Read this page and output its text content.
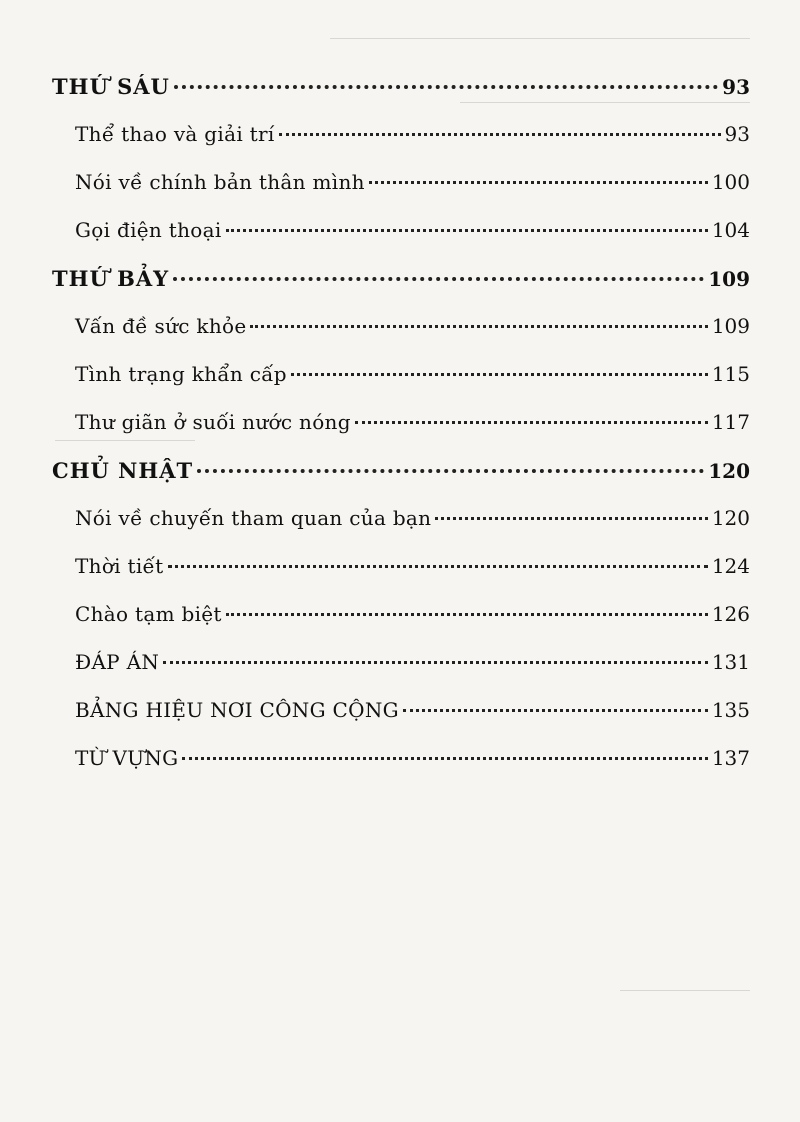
THỨ SÁU	93
Thể thao và giải trí	93
Nói về chính bản thân mình	100
Gọi điện thoại	104
THỨ BẢY	109
Vấn đề sức khỏe	109
Tình trạng khẩn cấp	115
Thư giãn ở suối nước nóng	117
CHỦ NHẬT	120
Nói về chuyến tham quan của bạn	120
Thời tiết	124
Chào tạm biệt	126
ĐÁP ÁN	131
BẢNG HIỆU NƠI CÔNG CỘNG	135
TỪ VỰNG	137
